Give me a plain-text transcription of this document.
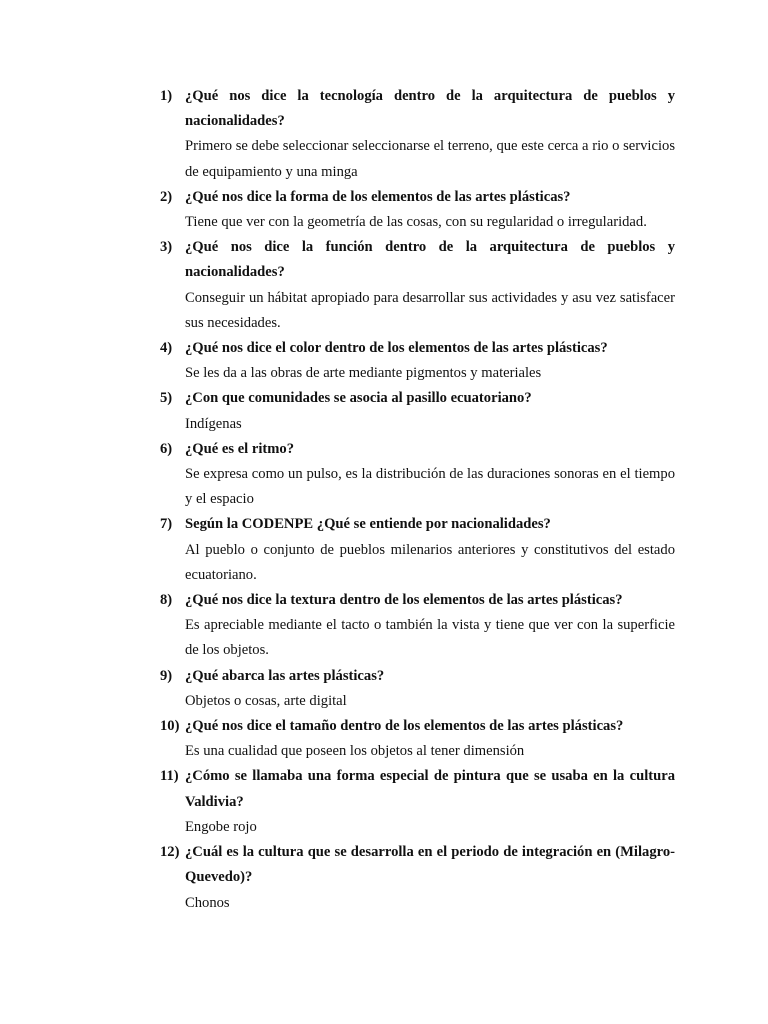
1) ¿Qué nos dice la tecnología dentro de la arquitectura de pueblos y nacionalidades?
Primero se debe seleccionar seleccionarse el terreno, que este cerca a rio o servicios de equipamiento y una minga
2) ¿Qué nos dice la forma de los elementos de las artes plásticas?
Tiene que ver con la geometría de las cosas, con su regularidad o irregularidad.
3) ¿Qué nos dice la función dentro de la arquitectura de pueblos y nacionalidades?
Conseguir un hábitat apropiado para desarrollar sus actividades y asu vez satisfacer sus necesidades.
4) ¿Qué nos dice el color dentro de los elementos de las artes plásticas?
Se les da a las obras de arte mediante pigmentos y materiales
5) ¿Con que comunidades se asocia al pasillo ecuatoriano?
Indígenas
6) ¿Qué es el ritmo?
Se expresa como un pulso, es la distribución de las duraciones sonoras en el tiempo y el espacio
7) Según la CODENPE ¿Qué se entiende por nacionalidades?
Al pueblo o conjunto de pueblos milenarios anteriores y constitutivos del estado ecuatoriano.
8) ¿Qué nos dice la textura dentro de los elementos de las artes plásticas?
Es apreciable mediante el tacto o también la vista y tiene que ver con la superficie de los objetos.
9) ¿Qué abarca las artes plásticas?
Objetos o cosas, arte digital
10) ¿Qué nos dice el tamaño dentro de los elementos de las artes plásticas?
Es una cualidad que poseen los objetos al tener dimensión
11) ¿Cómo se llamaba una forma especial de pintura que se usaba en la cultura Valdivia?
Engobe rojo
12) ¿Cuál es la cultura que se desarrolla en el periodo de integración en (Milagro-Quevedo)?
Chonos
